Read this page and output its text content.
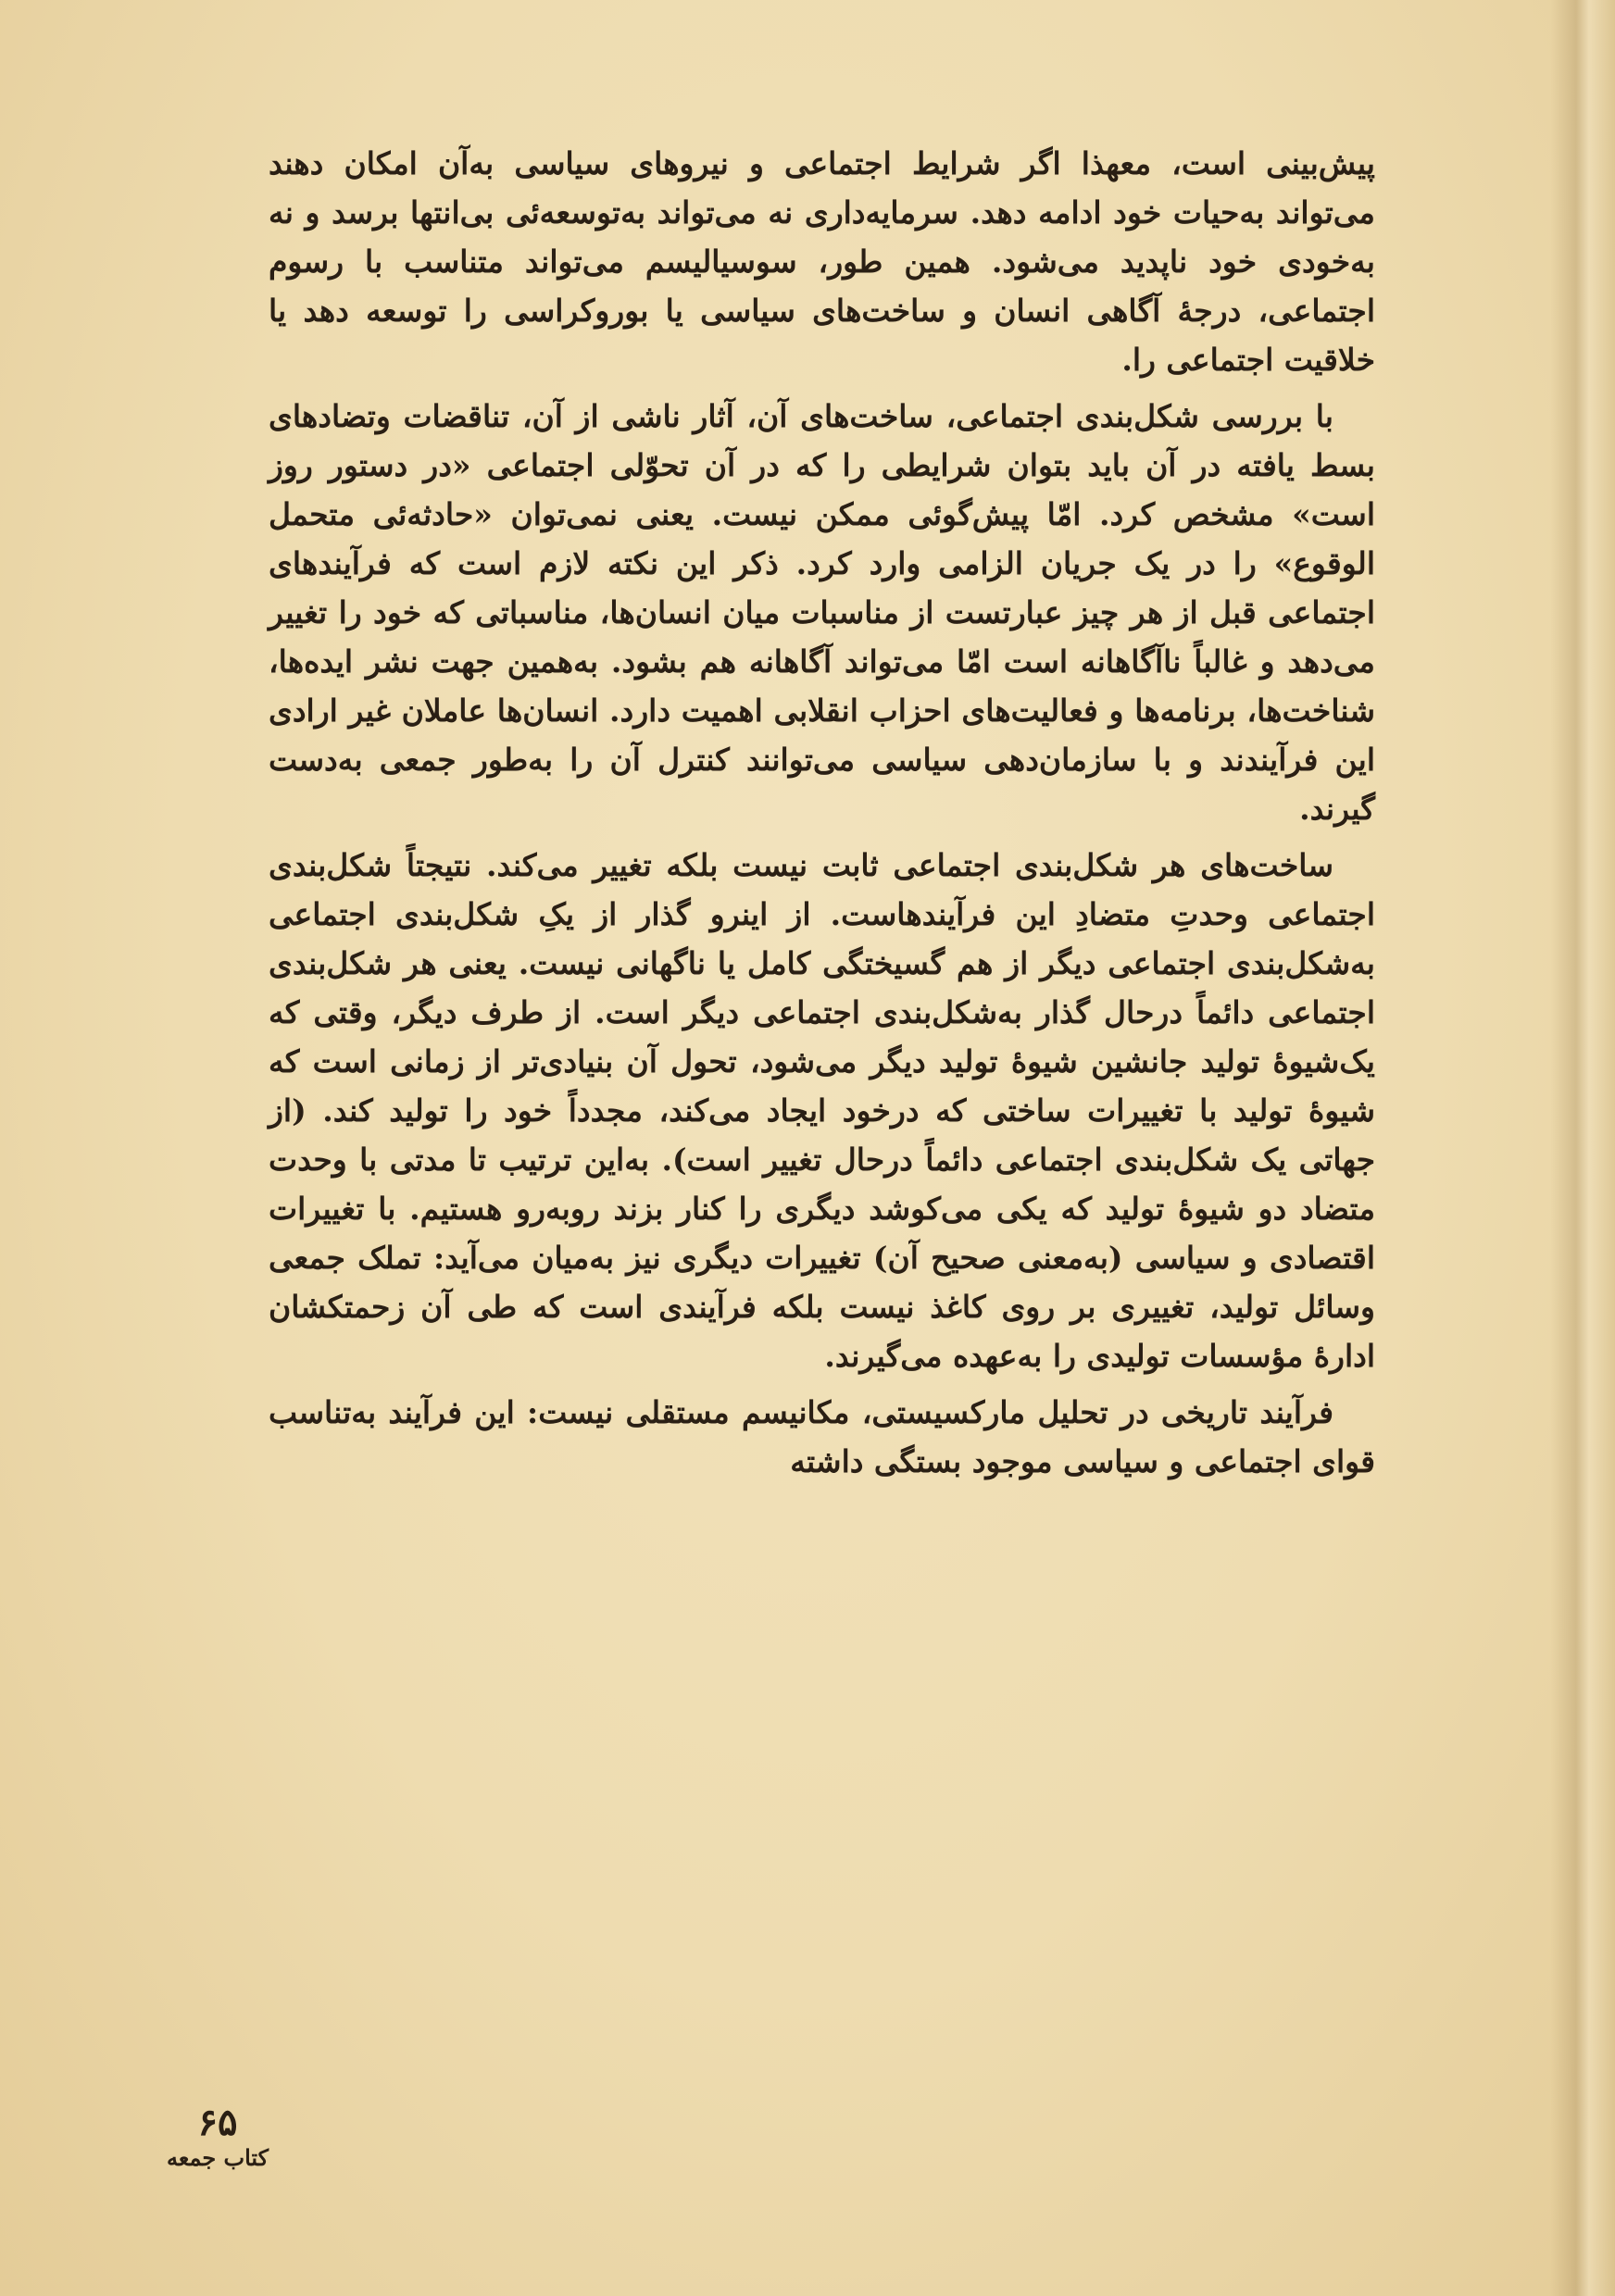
پیش‌بینی است، معهذا اگر شرایط اجتماعی و نیروهای سیاسی به‌آن امکان دهند می‌تواند به‌حیات خود ادامه دهد. سرمایه‌داری نه می‌تواند به‌توسعه‌ئی بی‌انتها برسد و نه به‌خودی خود ناپدید می‌شود. همین طور، سوسیالیسم می‌تواند متناسب با رسوم اجتماعی، درجهٔ آگاهی انسان و ساخت‌های سیاسی یا بوروکراسی را توسعه دهد یا خلاقیت اجتماعی را.

با بررسی شکل‌بندی اجتماعی، ساخت‌های آن، آثار ناشی از آن، تناقضات وتضادهای بسط یافته در آن باید بتوان شرایطی را که در آن تحوّلی اجتماعی «در دستور روز است» مشخص کرد. امّا پیش‌گوئی ممکن نیست. یعنی نمی‌توان «حادثه‌ئی متحمل الوقوع» را در یک جریان الزامی وارد کرد. ذکر این نکته لازم است که فرآیندهای اجتماعی قبل از هر چیز عبارتست از مناسبات میان انسان‌ها، مناسباتی که خود را تغییر می‌دهد و غالباً ناآگاهانه است امّا می‌تواند آگاهانه هم بشود. به‌همین جهت نشر ایده‌ها، شناخت‌ها، برنامه‌ها و فعالیت‌های احزاب انقلابی اهمیت دارد. انسان‌ها عاملان غیر ارادی این فرآیندند و با سازمان‌دهی سیاسی می‌توانند کنترل آن را به‌طور جمعی به‌دست گیرند.

ساخت‌های هر شکل‌بندی اجتماعی ثابت نیست بلکه تغییر می‌کند. نتیجتاً شکل‌بندی اجتماعی وحدتِ متضادِ این فرآیندهاست. از اینرو گذار از یکِ شکل‌بندی اجتماعی به‌شکل‌بندی اجتماعی دیگر از هم گسیختگی کامل یا ناگهانی نیست. یعنی هر شکل‌بندی اجتماعی دائماً درحال گذار به‌شکل‌بندی اجتماعی دیگر است. از طرف دیگر، وقتی که یک‌شیوهٔ تولید جانشین شیوهٔ تولید دیگر می‌شود، تحول آن بنیادی‌تر از زمانی است که شیوهٔ تولید با تغییرات ساختی که درخود ایجاد می‌کند، مجدداً خود را تولید کند. (از جهاتی یک شکل‌بندی اجتماعی دائماً درحال تغییر است). به‌این ترتیب تا مدتی با وحدت متضاد دو شیوهٔ تولید که یکی می‌کوشد دیگری را کنار بزند روبه‌رو هستیم. با تغییرات اقتصادی و سیاسی (به‌معنی صحیح آن) تغییرات دیگری نیز به‌میان می‌آید: تملک جمعی وسائل تولید، تغییری بر روی کاغذ نیست بلکه فرآیندی است که طی آن زحمتکشان ادارهٔ مؤسسات تولیدی را به‌عهده می‌گیرند.

فرآیند تاریخی در تحلیل مارکسیستی، مکانیسم مستقلی نیست: این فرآیند به‌تناسب قوای اجتماعی و سیاسی موجود بستگی داشته

۶۵
کتاب جمعه
